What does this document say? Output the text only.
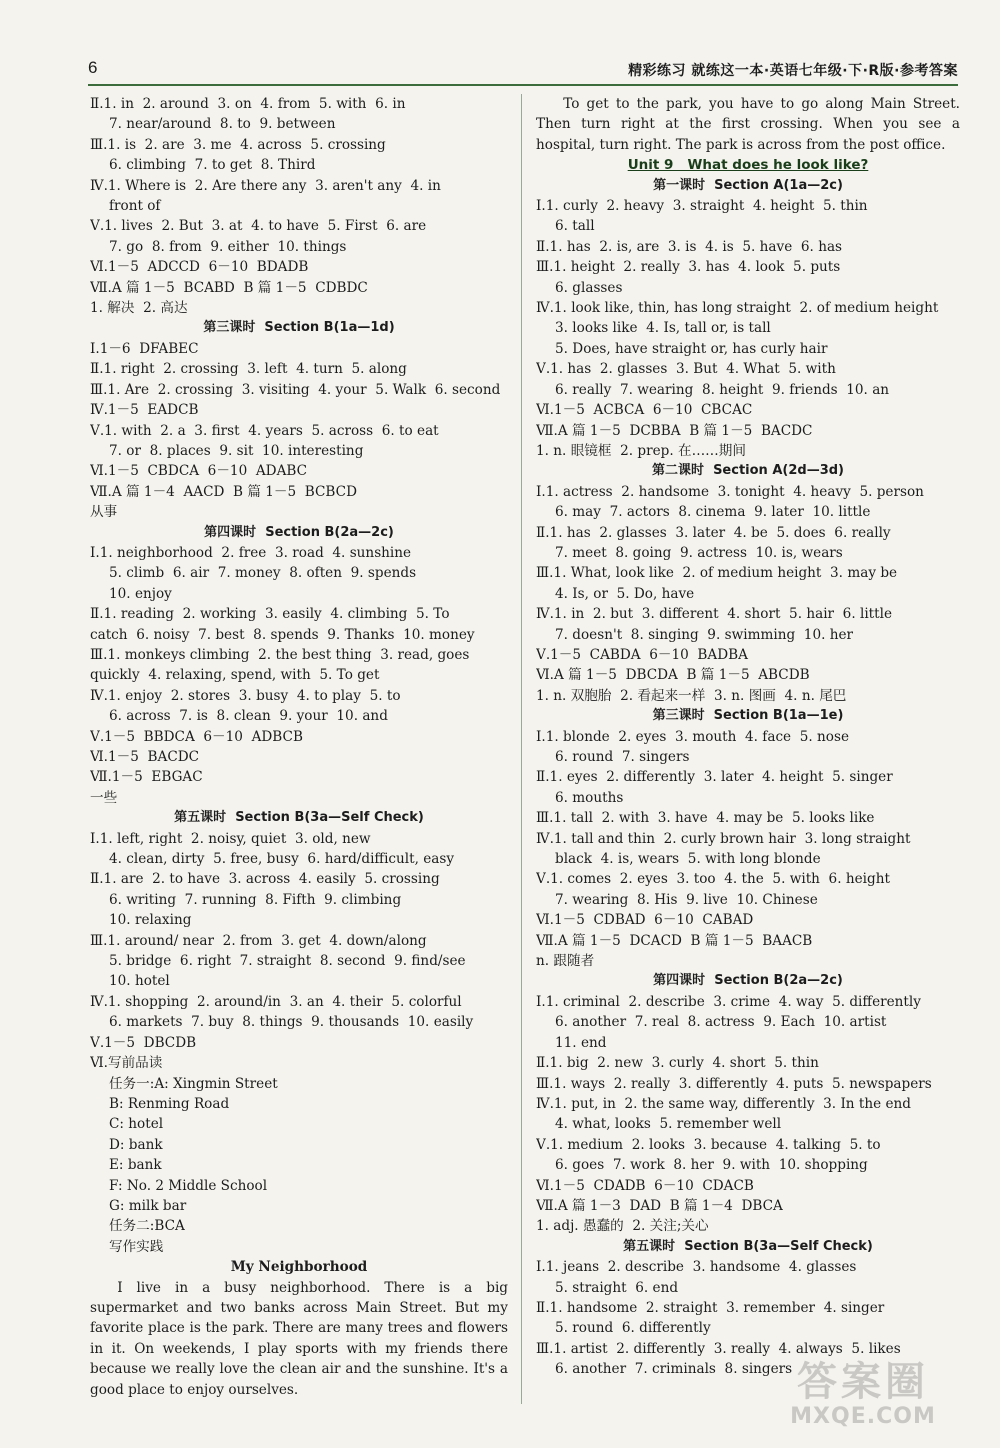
6	精彩练习 就练这一本·英语七年级·下·R版·参考答案
Ⅱ.1. in  2. around  3. on  4. from  5. with  6. in
7. near/around  8. to  9. between
Ⅲ.1. is  2. are  3. me  4. across  5. crossing
6. climbing  7. to get  8. Third
Ⅳ.1. Where is  2. Are there any  3. aren't any  4. in
front of
Ⅴ.1. lives  2. But  3. at  4. to have  5. First  6. are
7. go  8. from  9. either  10. things
Ⅵ.1－5  ADCCD  6－10  BDADB
Ⅶ.A 篇 1－5  BCABD  B 篇 1－5  CDBDC
1. 解决  2. 高达
第三课时  Section B(1a—1d)
Ⅰ.1－6  DFABEC
Ⅱ.1. right  2. crossing  3. left  4. turn  5. along
Ⅲ.1. Are  2. crossing  3. visiting  4. your  5. Walk  6. second
Ⅳ.1－5  EADCB
Ⅴ.1. with  2. a  3. first  4. years  5. across  6. to eat
7. or  8. places  9. sit  10. interesting
Ⅵ.1－5  CBDCA  6－10  ADABC
Ⅶ.A 篇 1－4  AACD  B 篇 1－5  BCBCD
从事
第四课时  Section B(2a—2c)
Ⅰ.1. neighborhood  2. free  3. road  4. sunshine
5. climb  6. air  7. money  8. often  9. spends
10. enjoy
Ⅱ.1. reading  2. working  3. easily  4. climbing  5. To
catch  6. noisy  7. best  8. spends  9. Thanks  10. money
Ⅲ.1. monkeys climbing  2. the best thing  3. read, goes
quickly  4. relaxing, spend, with  5. To get
Ⅳ.1. enjoy  2. stores  3. busy  4. to play  5. to
6. across  7. is  8. clean  9. your  10. and
Ⅴ.1－5  BBDCA  6－10  ADBCB
Ⅵ.1－5  BACDC
Ⅶ.1－5  EBGAC
一些
第五课时  Section B(3a—Self Check)
Ⅰ.1. left, right  2. noisy, quiet  3. old, new
4. clean, dirty  5. free, busy  6. hard/difficult, easy
Ⅱ.1. are  2. to have  3. across  4. easily  5. crossing
6. writing  7. running  8. Fifth  9. climbing
10. relaxing
Ⅲ.1. around/ near  2. from  3. get  4. down/along
5. bridge  6. right  7. straight  8. second  9. find/see
10. hotel
Ⅳ.1. shopping  2. around/in  3. an  4. their  5. colorful
6. markets  7. buy  8. things  9. thousands  10. easily
Ⅴ.1－5  DBCDB
Ⅵ.写前品读
任务一:A: Xingmin Street
B: Renming Road
C: hotel
D: bank
E: bank
F: No. 2 Middle School
G: milk bar
任务二:BCA
写作实践
My Neighborhood
I live in a busy neighborhood. There is a big supermarket and two banks across Main Street. But my favorite place is the park. There are many trees and flowers in it. On weekends, I play sports with my friends there because we really love the clean air and the sunshine. It's a good place to enjoy ourselves.
To get to the park, you have to go along Main Street. Then turn right at the first crossing. When you see a hospital, turn right. The park is across from the post office.
Unit 9   What does he look like?
第一课时  Section A(1a—2c)
Ⅰ.1. curly  2. heavy  3. straight  4. height  5. thin
6. tall
Ⅱ.1. has  2. is, are  3. is  4. is  5. have  6. has
Ⅲ.1. height  2. really  3. has  4. look  5. puts
6. glasses
Ⅳ.1. look like, thin, has long straight  2. of medium height
3. looks like  4. Is, tall or, is tall
5. Does, have straight or, has curly hair
Ⅴ.1. has  2. glasses  3. But  4. What  5. with
6. really  7. wearing  8. height  9. friends  10. an
Ⅵ.1－5  ACBCA  6－10  CBCAC
Ⅶ.A 篇 1－5  DCBBA  B 篇 1－5  BACDC
1. n. 眼镜框  2. prep. 在……期间
第二课时  Section A(2d—3d)
Ⅰ.1. actress  2. handsome  3. tonight  4. heavy  5. person
6. may  7. actors  8. cinema  9. later  10. little
Ⅱ.1. has  2. glasses  3. later  4. be  5. does  6. really
7. meet  8. going  9. actress  10. is, wears
Ⅲ.1. What, look like  2. of medium height  3. may be
4. Is, or  5. Do, have
Ⅳ.1. in  2. but  3. different  4. short  5. hair  6. little
7. doesn't  8. singing  9. swimming  10. her
Ⅴ.1－5  CABDA  6－10  BADBA
Ⅵ.A 篇 1－5  DBCDA  B 篇 1－5  ABCDB
1. n. 双胞胎  2. 看起来一样  3. n. 图画  4. n. 尾巴
第三课时  Section B(1a—1e)
Ⅰ.1. blonde  2. eyes  3. mouth  4. face  5. nose
6. round  7. singers
Ⅱ.1. eyes  2. differently  3. later  4. height  5. singer
6. mouths
Ⅲ.1. tall  2. with  3. have  4. may be  5. looks like
Ⅳ.1. tall and thin  2. curly brown hair  3. long straight
black  4. is, wears  5. with long blonde
Ⅴ.1. comes  2. eyes  3. too  4. the  5. with  6. height
7. wearing  8. His  9. live  10. Chinese
Ⅵ.1－5  CDBAD  6－10  CABAD
Ⅶ.A 篇 1－5  DCACD  B 篇 1－5  BAACB
n. 跟随者
第四课时  Section B(2a—2c)
Ⅰ.1. criminal  2. describe  3. crime  4. way  5. differently
6. another  7. real  8. actress  9. Each  10. artist
11. end
Ⅱ.1. big  2. new  3. curly  4. short  5. thin
Ⅲ.1. ways  2. really  3. differently  4. puts  5. newspapers
Ⅳ.1. put, in  2. the same way, differently  3. In the end
4. what, looks  5. remember well
Ⅴ.1. medium  2. looks  3. because  4. talking  5. to
6. goes  7. work  8. her  9. with  10. shopping
Ⅵ.1－5  CDADB  6－10  CDACB
Ⅶ.A 篇 1－3  DAD  B 篇 1－4  DBCA
1. adj. 愚蠢的  2. 关注;关心
第五课时  Section B(3a—Self Check)
Ⅰ.1. jeans  2. describe  3. handsome  4. glasses
5. straight  6. end
Ⅱ.1. handsome  2. straight  3. remember  4. singer
5. round  6. differently
Ⅲ.1. artist  2. differently  3. really  4. always  5. likes
6. another  7. criminals  8. singers 答案圈
MXQE.COM
